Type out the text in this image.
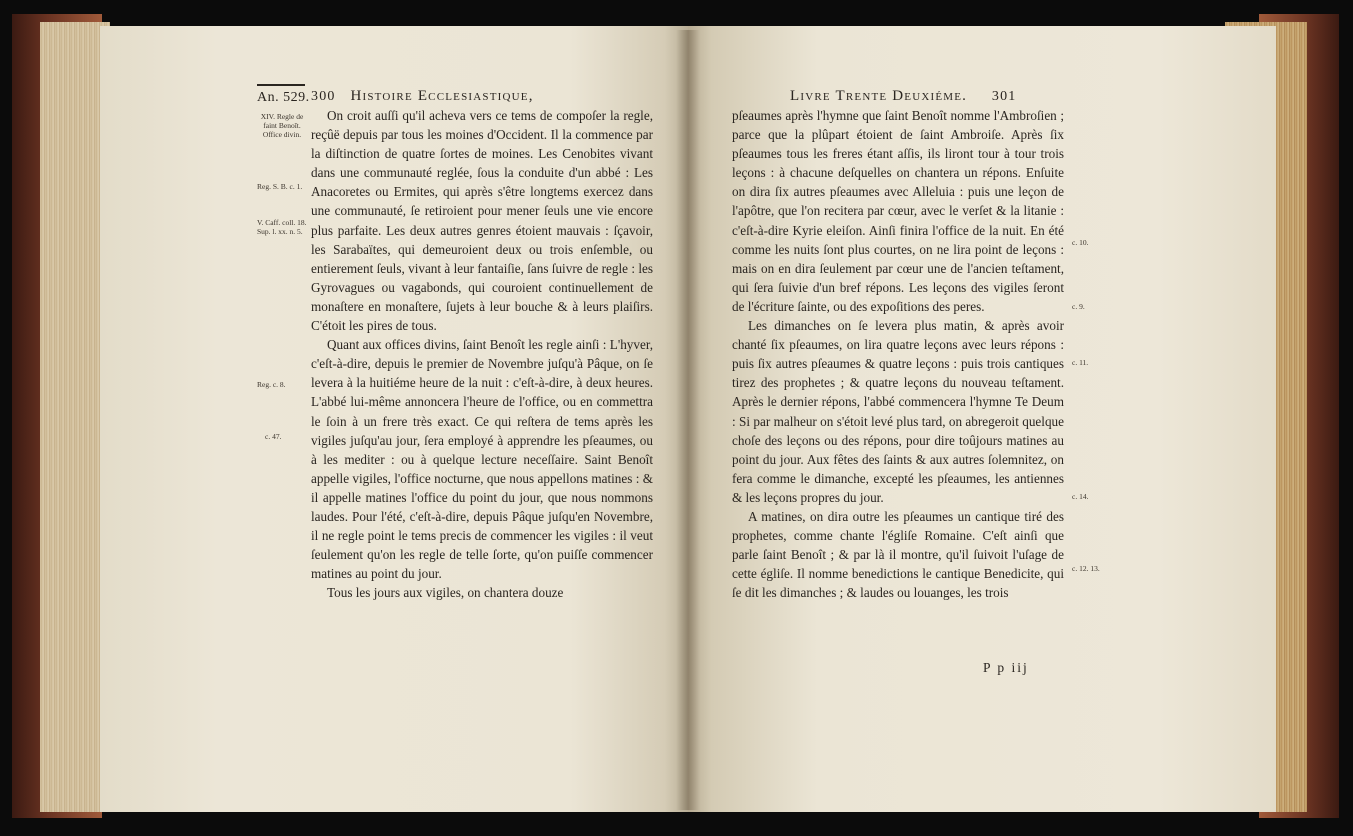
An. 529. 300 Histoire Ecclesiastique,
XIV. Regle de faint Benoît. Office divin.
Reg. S. B. c. 1.
V. Caff. coll. 18. Sup. l. xx. n. 5.
Reg. c. 8.
c. 47.

On croit auſſi qu'il acheva vers ce tems de compoſer la regle, reçûë depuis par tous les moines d'Occident. Il la commence par la diſtinction de quatre ſortes de moines. Les Cenobites vivant dans une communauté reglée, ſous la conduite d'un abbé : Les Anacoretes ou Ermites, qui après s'être longtems exercez dans une communauté, ſe retiroient pour mener ſeuls une vie encore plus parfaite. Les deux autres genres étoient mauvais : ſçavoir, les Sarabaïtes, qui demeuroient deux ou trois enſemble, ou entierement ſeuls, vivant à leur fantaiſie, ſans ſuivre de regle : les Gyrovagues ou vagabonds, qui couroient continuellement de monaſtere en monaſtere, ſujets à leur bouche & à leurs plaiſirs. C'étoit les pires de tous.

Quant aux offices divins, ſaint Benoît les regle ainſi : L'hyver, c'eſt-à-dire, depuis le premier de Novembre juſqu'à Pâque, on ſe levera à la huitiéme heure de la nuit : c'eſt-à-dire, à deux heures. L'abbé lui-même annoncera l'heure de l'office, ou en commettra le ſoin à un frere très exact. Ce qui reſtera de tems après les vigiles juſqu'au jour, ſera employé à apprendre les pſeaumes, ou à les mediter : ou à quelque lecture neceſſaire. Saint Benoît appelle vigiles, l'office nocturne, que nous appellons matines : & il appelle matines l'office du point du jour, que nous nommons laudes. Pour l'été, c'eſt-à-dire, depuis Pâque juſqu'en Novembre, il ne regle point le tems precis de commencer les vigiles : il veut ſeulement qu'on les regle de telle ſorte, qu'on puiſſe commencer matines au point du jour.

Tous les jours aux vigiles, on chantera douze

Livre Trente Deuxiéme. 301

pſeaumes après l'hymne que ſaint Benoît nomme l'Ambroſien ; parce que la plûpart étoient de ſaint Ambroiſe. Après ſix pſeaumes tous les freres étant aſſis, ils liront tour à tour trois leçons : à chacune deſquelles on chantera un répons. Enſuite on dira ſix autres pſeaumes avec Alleluia : puis une leçon de l'apôtre, que l'on recitera par cœur, avec le verſet & la litanie : c'eſt-à-dire Kyrie eleiſon. Ainſi finira l'office de la nuit. En été comme les nuits ſont plus courtes, on ne lira point de leçons : mais on en dira ſeulement par cœur une de l'ancien teſtament, qui ſera ſuivie d'un bref répons. Les leçons des vigiles ſeront de l'écriture ſainte, ou des expoſitions des peres.

Les dimanches on ſe levera plus matin, & après avoir chanté ſix pſeaumes, on lira quatre leçons avec leurs répons : puis ſix autres pſeaumes & quatre leçons : puis trois cantiques tirez des prophetes ; & quatre leçons du nouveau teſtament. Après le dernier répons, l'abbé commencera l'hymne Te Deum : Si par malheur on s'étoit levé plus tard, on abregeroit quelque choſe des leçons ou des répons, pour dire toûjours matines au point du jour. Aux fêtes des ſaints & aux autres ſolemnitez, on fera comme le dimanche, excepté les pſeaumes, les antiennes & les leçons propres du jour.

A matines, on dira outre les pſeaumes un cantique tiré des prophetes, comme chante l'égliſe Romaine. C'eſt ainſi que parle ſaint Benoît ; & par là il montre, qu'il ſuivoit l'uſage de cette égliſe. Il nomme benedictions le cantique Benedicite, qui ſe dit les dimanches ; & laudes ou louanges, les trois

c. 10.
c. 9.
c. 11.
c. 14.
c. 12. 13.
P p iij
